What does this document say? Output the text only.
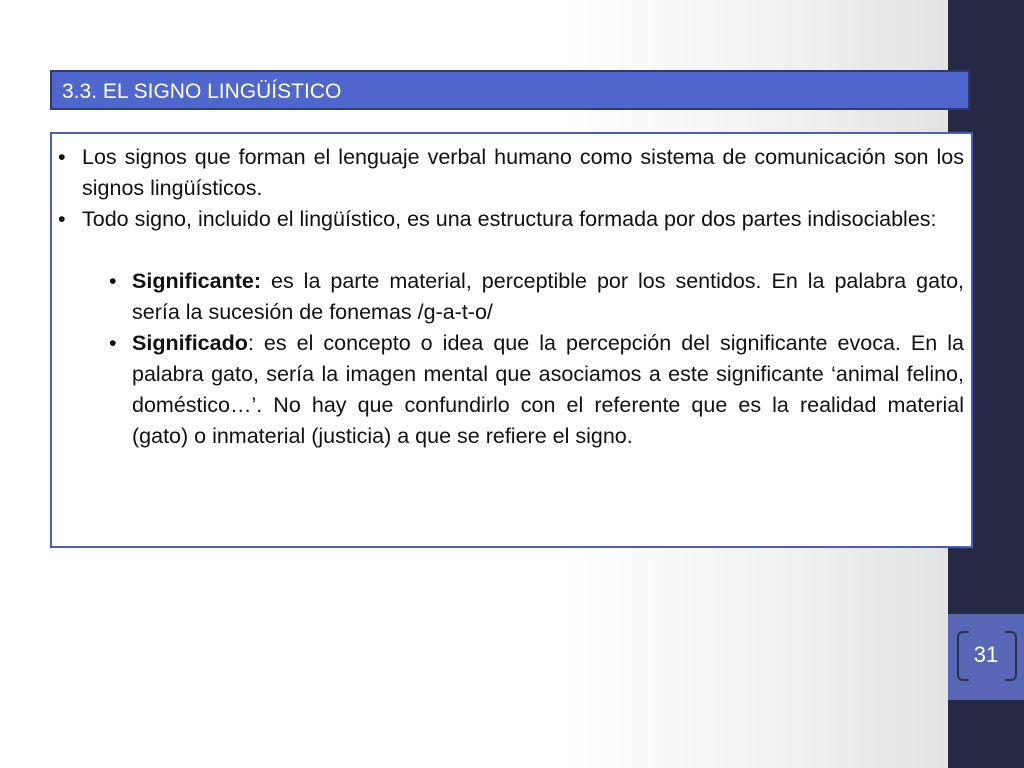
31
3.3. EL SIGNO LINGÜÍSTICO
• Los signos que forman el lenguaje verbal humano como sistema de comunicación son los signos lingüísticos.
• Todo signo, incluido el lingüístico, es una estructura formada por dos partes indisociables:
• Significante: es la parte material, perceptible por los sentidos. En la palabra gato, sería la sucesión de fonemas /g-a-t-o/
• Significado: es el concepto o idea que la percepción del significante evoca. En la palabra gato, sería la imagen mental que asociamos a este significante ‘animal felino, doméstico…’. No hay que confundirlo con el referente que es la realidad material (gato) o inmaterial (justicia) a que se refiere el signo.
